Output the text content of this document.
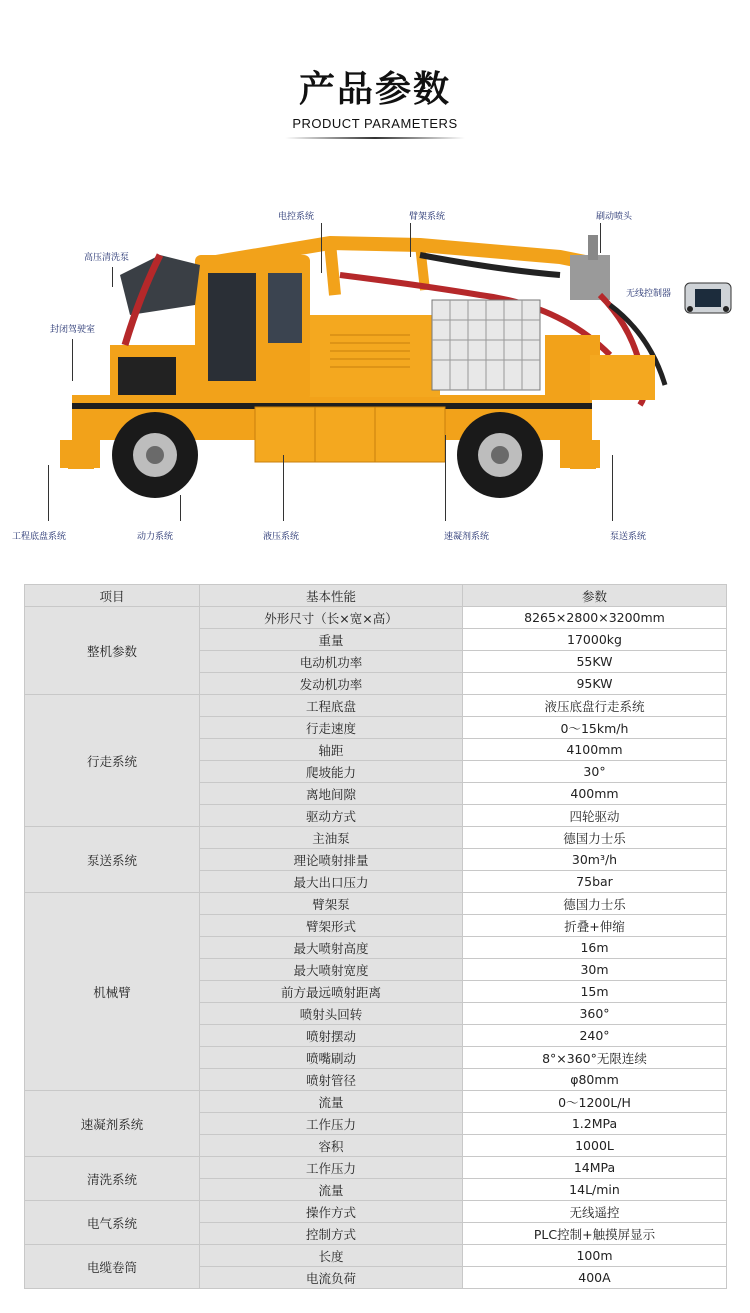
产品参数
PRODUCT PARAMETERS
电控系统	臂架系统	刷动喷头
高压清洗泵
无线控制器
封闭驾驶室
工程底盘系统	动力系统	液压系统	速凝剂系统	泵送系统
项目	基本性能	参数
整机参数	外形尺寸（长×宽×高）	8265×2800×3200mm
	重量	17000kg
	电动机功率	55KW
	发动机功率	95KW
行走系统	工程底盘	液压底盘行走系统
	行走速度	0～15km/h
	轴距	4100mm
	爬坡能力	30°
	离地间隙	400mm
	驱动方式	四轮驱动
泵送系统	主油泵	德国力士乐
	理论喷射排量	30m³/h
	最大出口压力	75bar
机械臂	臂架泵	德国力士乐
	臂架形式	折叠+伸缩
	最大喷射高度	16m
	最大喷射宽度	30m
	前方最远喷射距离	15m
	喷射头回转	360°
	喷射摆动	240°
	喷嘴刷动	8°×360°无限连续
	喷射管径	φ80mm
速凝剂系统	流量	0～1200L/H
	工作压力	1.2MPa
	容积	1000L
清洗系统	工作压力	14MPa
	流量	14L/min
电气系统	操作方式	无线遥控
	控制方式	PLC控制+触摸屏显示
电缆卷筒	长度	100m
	电流负荷	400A
